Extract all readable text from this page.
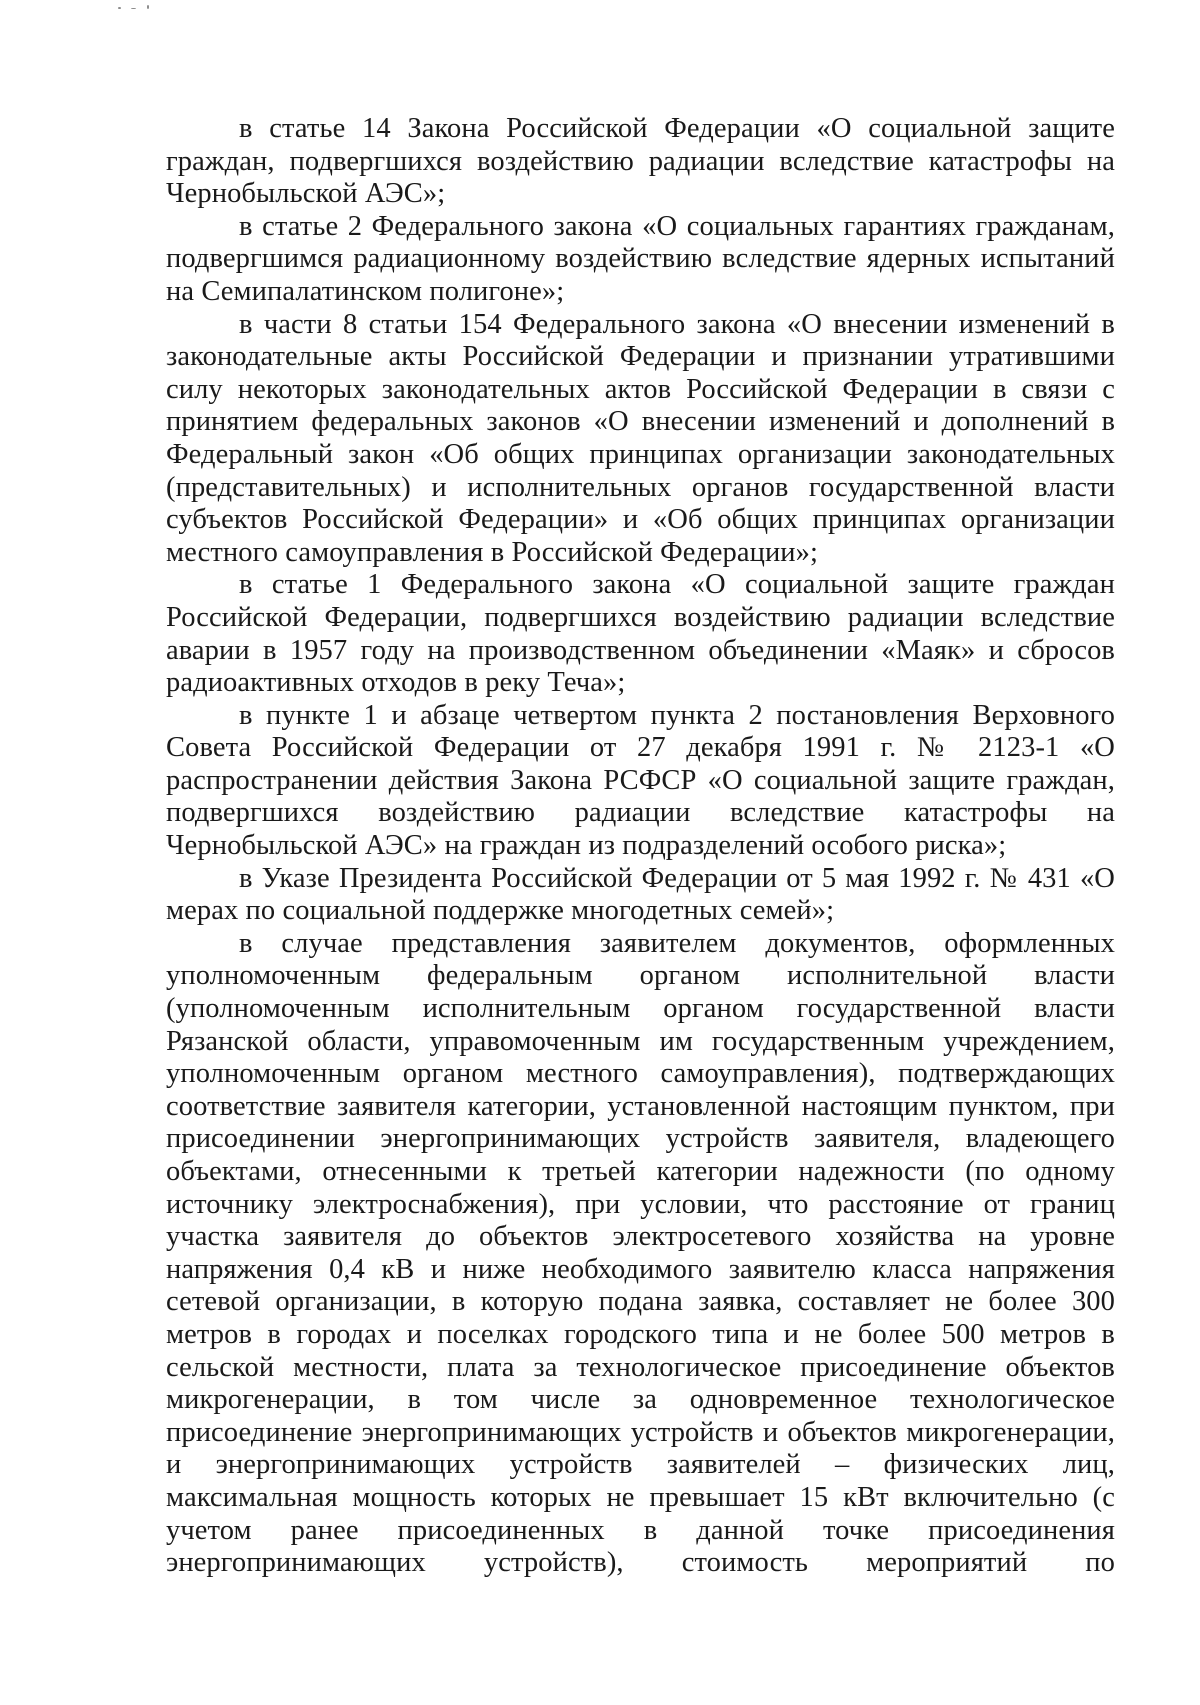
в статье 14 Закона Российской Федерации «О социальной защите граждан, подвергшихся воздействию радиации вследствие катастрофы на Чернобыльской АЭС»;

в статье 2 Федерального закона «О социальных гарантиях гражданам, подвергшимся радиационному воздействию вследствие ядерных испытаний на Семипалатинском полигоне»;

в части 8 статьи 154 Федерального закона «О внесении изменений в законодательные акты Российской Федерации и признании утратившими силу некоторых законодательных актов Российской Федерации в связи с принятием федеральных законов «О внесении изменений и дополнений в Федеральный закон «Об общих принципах организации законодательных (представительных) и исполнительных органов государственной власти субъектов Российской Федерации» и «Об общих принципах организации местного самоуправления в Российской Федерации»;

в статье 1 Федерального закона «О социальной защите граждан Российской Федерации, подвергшихся воздействию радиации вследствие аварии в 1957 году на производственном объединении «Маяк» и сбросов радиоактивных отходов в реку Теча»;

в пункте 1 и абзаце четвертом пункта 2 постановления Верховного Совета Российской Федерации от 27 декабря 1991 г. № 2123-1 «О распространении действия Закона РСФСР «О социальной защите граждан, подвергшихся воздействию радиации вследствие катастрофы на Чернобыльской АЭС» на граждан из подразделений особого риска»;

в Указе Президента Российской Федерации от 5 мая 1992 г. № 431 «О мерах по социальной поддержке многодетных семей»;

в случае представления заявителем документов, оформленных уполномоченным федеральным органом исполнительной власти (уполномоченным исполнительным органом государственной власти Рязанской области, управомоченным им государственным учреждением, уполномоченным органом местного самоуправления), подтверждающих соответствие заявителя категории, установленной настоящим пунктом, при присоединении энергопринимающих устройств заявителя, владеющего объектами, отнесенными к третьей категории надежности (по одному источнику электроснабжения), при условии, что расстояние от границ участка заявителя до объектов электросетевого хозяйства на уровне напряжения 0,4 кВ и ниже необходимого заявителю класса напряжения сетевой организации, в которую подана заявка, составляет не более 300 метров в городах и поселках городского типа и не более 500 метров в сельской местности, плата за технологическое присоединение объектов микрогенерации, в том числе за одновременное технологическое присоединение энергопринимающих устройств и объектов микрогенерации, и энергопринимающих устройств заявителей – физических лиц, максимальная мощность которых не превышает 15 кВт включительно (с учетом ранее присоединенных в данной точке присоединения энергопринимающих устройств), стоимость мероприятий по
